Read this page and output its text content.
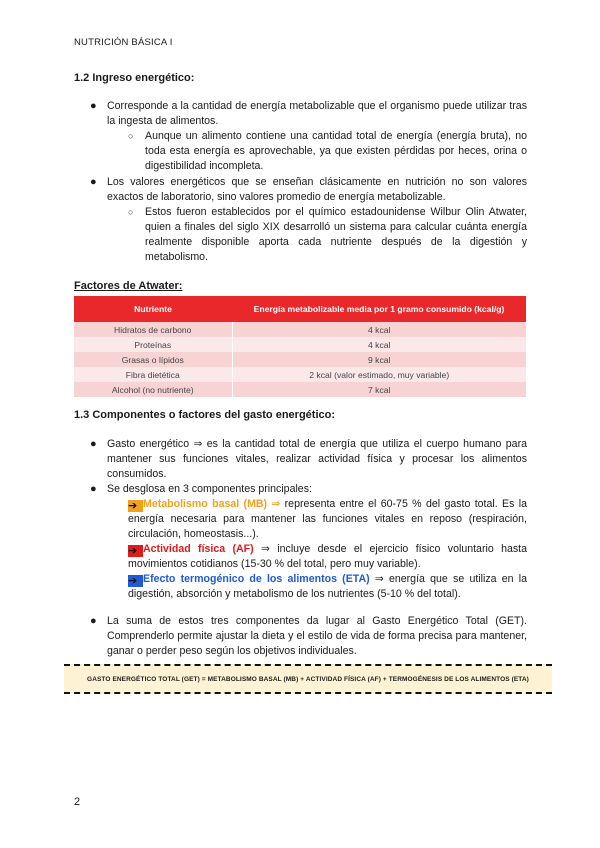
NUTRICIÓN BÁSICA I
1.2 Ingreso energético:
● Corresponde a la cantidad de energía metabolizable que el organismo puede utilizar tras la ingesta de alimentos.
○ Aunque un alimento contiene una cantidad total de energía (energía bruta), no toda esta energía es aprovechable, ya que existen pérdidas por heces, orina o digestibilidad incompleta.
● Los valores energéticos que se enseñan clásicamente en nutrición no son valores exactos de laboratorio, sino valores promedio de energía metabolizable.
○ Estos fueron establecidos por el químico estadounidense Wilbur Olin Atwater, quien a finales del siglo XIX desarrolló un sistema para calcular cuánta energía realmente disponible aporta cada nutriente después de la digestión y metabolismo.
Factores de Atwater:
Nutriente	Energía metabolizable media por 1 gramo consumido (kcal/g)
Hidratos de carbono	4 kcal
Proteínas	4 kcal
Grasas o lípidos	9 kcal
Fibra dietética	2 kcal (valor estimado, muy variable)
Alcohol (no nutriente)	7 kcal
1.3 Componentes o factores del gasto energético:
● Gasto energético ⇒ es la cantidad total de energía que utiliza el cuerpo humano para mantener sus funciones vitales, realizar actividad física y procesar los alimentos consumidos.
● Se desglosa en 3 componentes principales:
➔ Metabolismo basal (MB) ⇒ representa entre el 60-75 % del gasto total. Es la energía necesaria para mantener las funciones vitales en reposo (respiración, circulación, homeostasis...).
➔ Actividad física (AF) ⇒ incluye desde el ejercicio físico voluntario hasta movimientos cotidianos (15-30 % del total, pero muy variable).
➔ Efecto termogénico de los alimentos (ETA) ⇒ energía que se utiliza en la digestión, absorción y metabolismo de los nutrientes (5-10 % del total).
● La suma de estos tres componentes da lugar al Gasto Energético Total (GET). Comprenderlo permite ajustar la dieta y el estilo de vida de forma precisa para mantener, ganar o perder peso según los objetivos individuales.
GASTO ENERGÉTICO TOTAL (GET) = METABOLISMO BASAL (MB) + ACTIVIDAD FÍSICA (AF) + TERMOGÉNESIS DE LOS ALIMENTOS (ETA)
2
